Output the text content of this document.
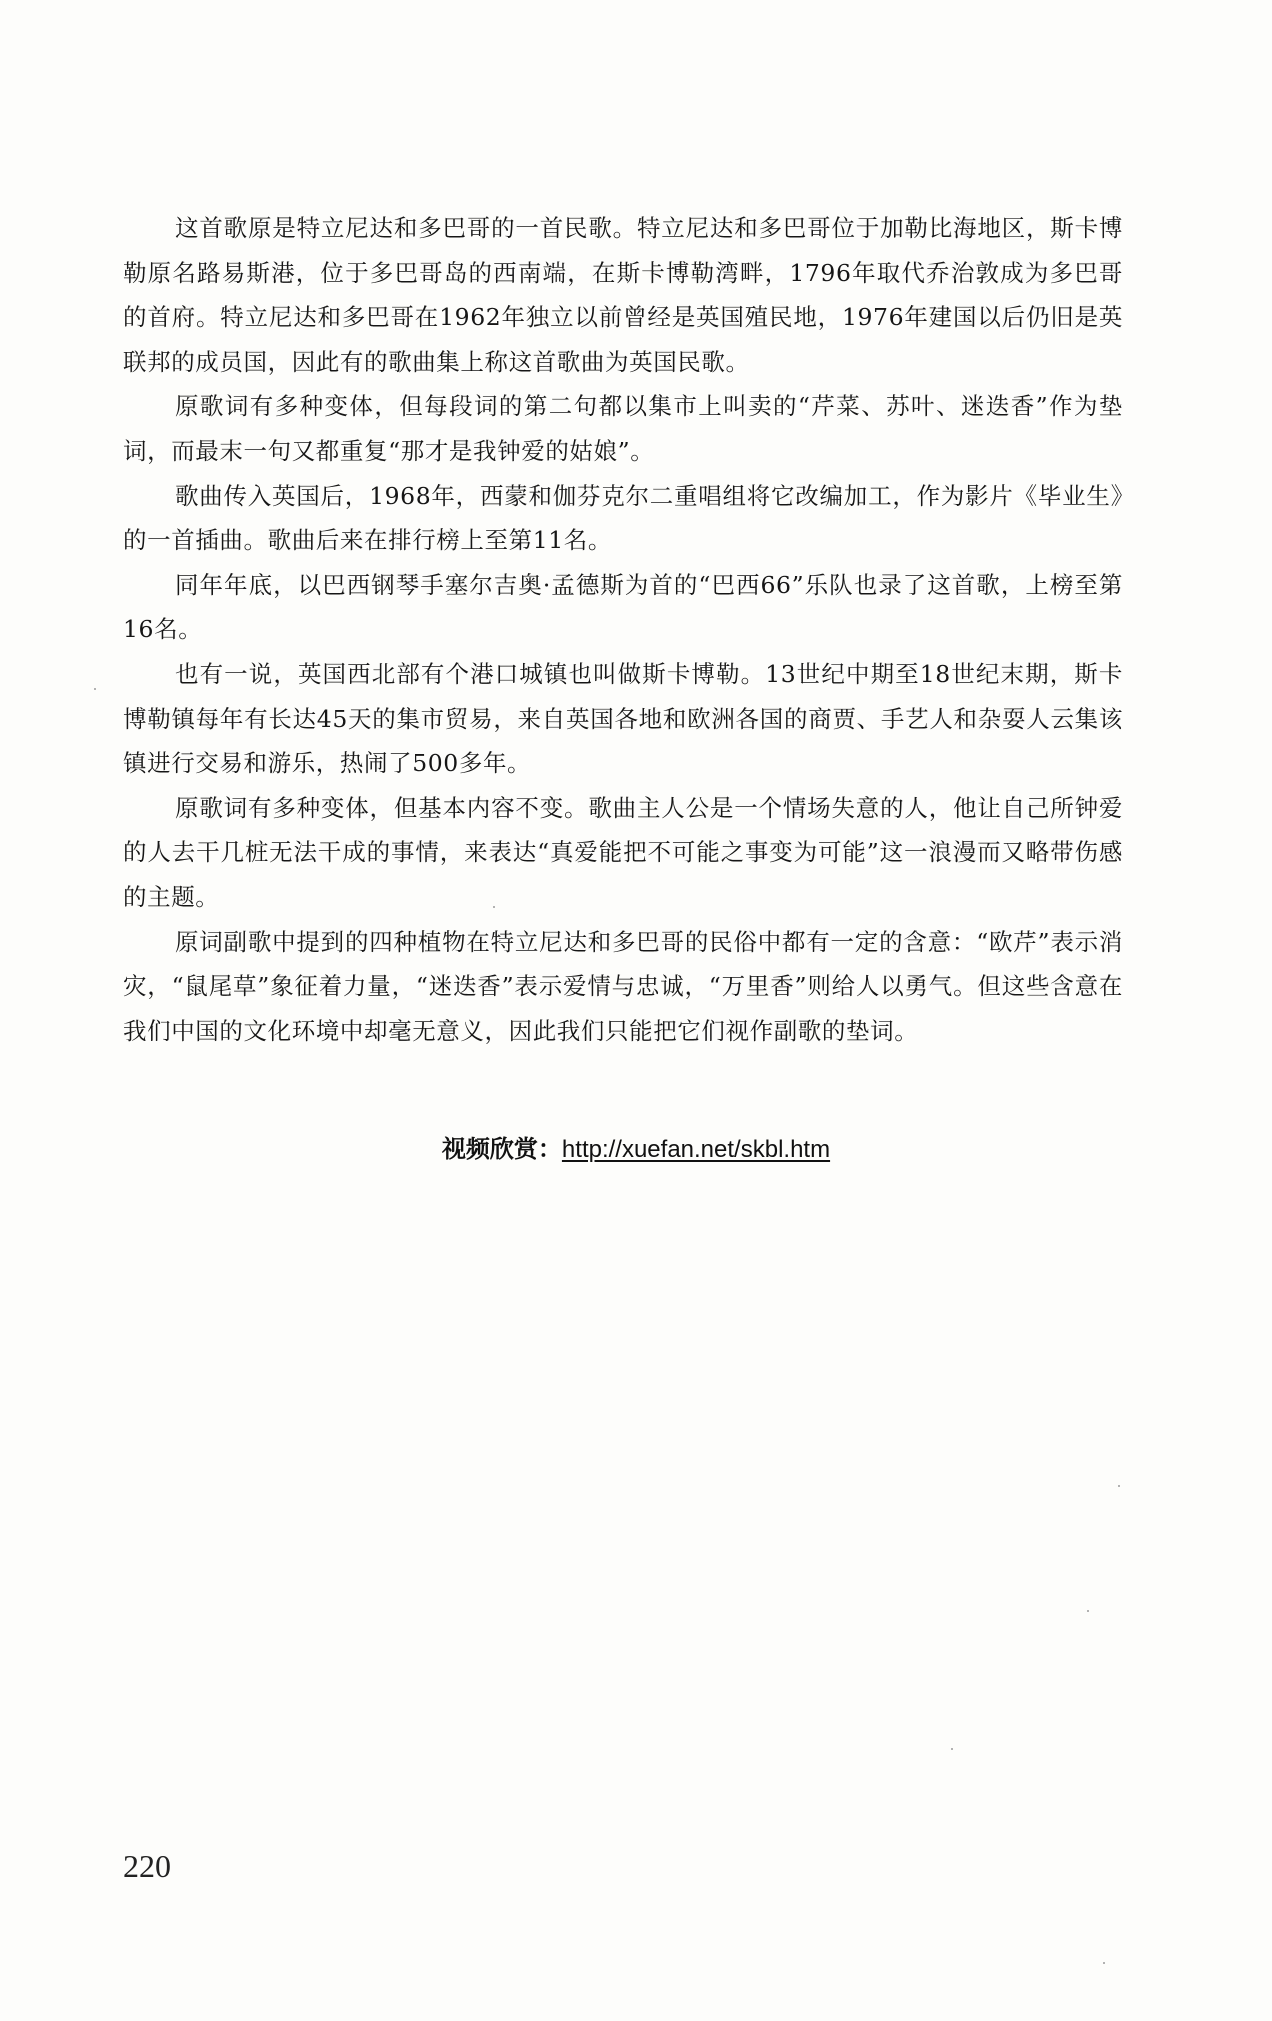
这首歌原是特立尼达和多巴哥的一首民歌。特立尼达和多巴哥位于加勒比海地区，斯卡博勒原名路易斯港，位于多巴哥岛的西南端，在斯卡博勒湾畔，1796年取代乔治敦成为多巴哥的首府。特立尼达和多巴哥在1962年独立以前曾经是英国殖民地，1976年建国以后仍旧是英联邦的成员国，因此有的歌曲集上称这首歌曲为英国民歌。

原歌词有多种变体，但每段词的第二句都以集市上叫卖的“芹菜、苏叶、迷迭香”作为垫词，而最末一句又都重复“那才是我钟爱的姑娘”。

歌曲传入英国后，1968年，西蒙和伽芬克尔二重唱组将它改编加工，作为影片《毕业生》的一首插曲。歌曲后来在排行榜上至第11名。

同年年底，以巴西钢琴手塞尔吉奥·孟德斯为首的“巴西66”乐队也录了这首歌，上榜至第16名。

也有一说，英国西北部有个港口城镇也叫做斯卡博勒。13世纪中期至18世纪末期，斯卡博勒镇每年有长达45天的集市贸易，来自英国各地和欧洲各国的商贾、手艺人和杂耍人云集该镇进行交易和游乐，热闹了500多年。

原歌词有多种变体，但基本内容不变。歌曲主人公是一个情场失意的人，他让自己所钟爱的人去干几桩无法干成的事情，来表达“真爱能把不可能之事变为可能”这一浪漫而又略带伤感的主题。

原词副歌中提到的四种植物在特立尼达和多巴哥的民俗中都有一定的含意：“欧芹”表示消灾，“鼠尾草”象征着力量，“迷迭香”表示爱情与忠诚，“万里香”则给人以勇气。但这些含意在我们中国的文化环境中却毫无意义，因此我们只能把它们视作副歌的垫词。

视频欣赏：http://xuefan.net/skbl.htm
220
